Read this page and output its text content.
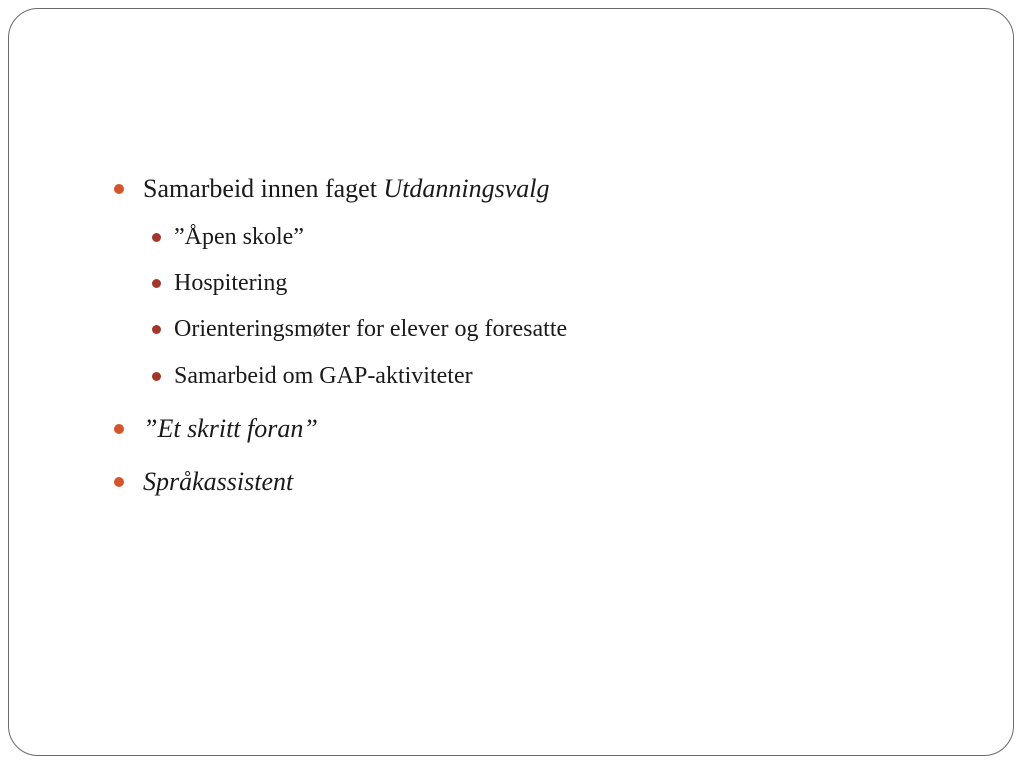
Samarbeid innen faget Utdanningsvalg
”Åpen skole”
Hospitering
Orienteringsmøter for elever og foresatte
Samarbeid om GAP-aktiviteter
”Et skritt foran”
Språkassistent
